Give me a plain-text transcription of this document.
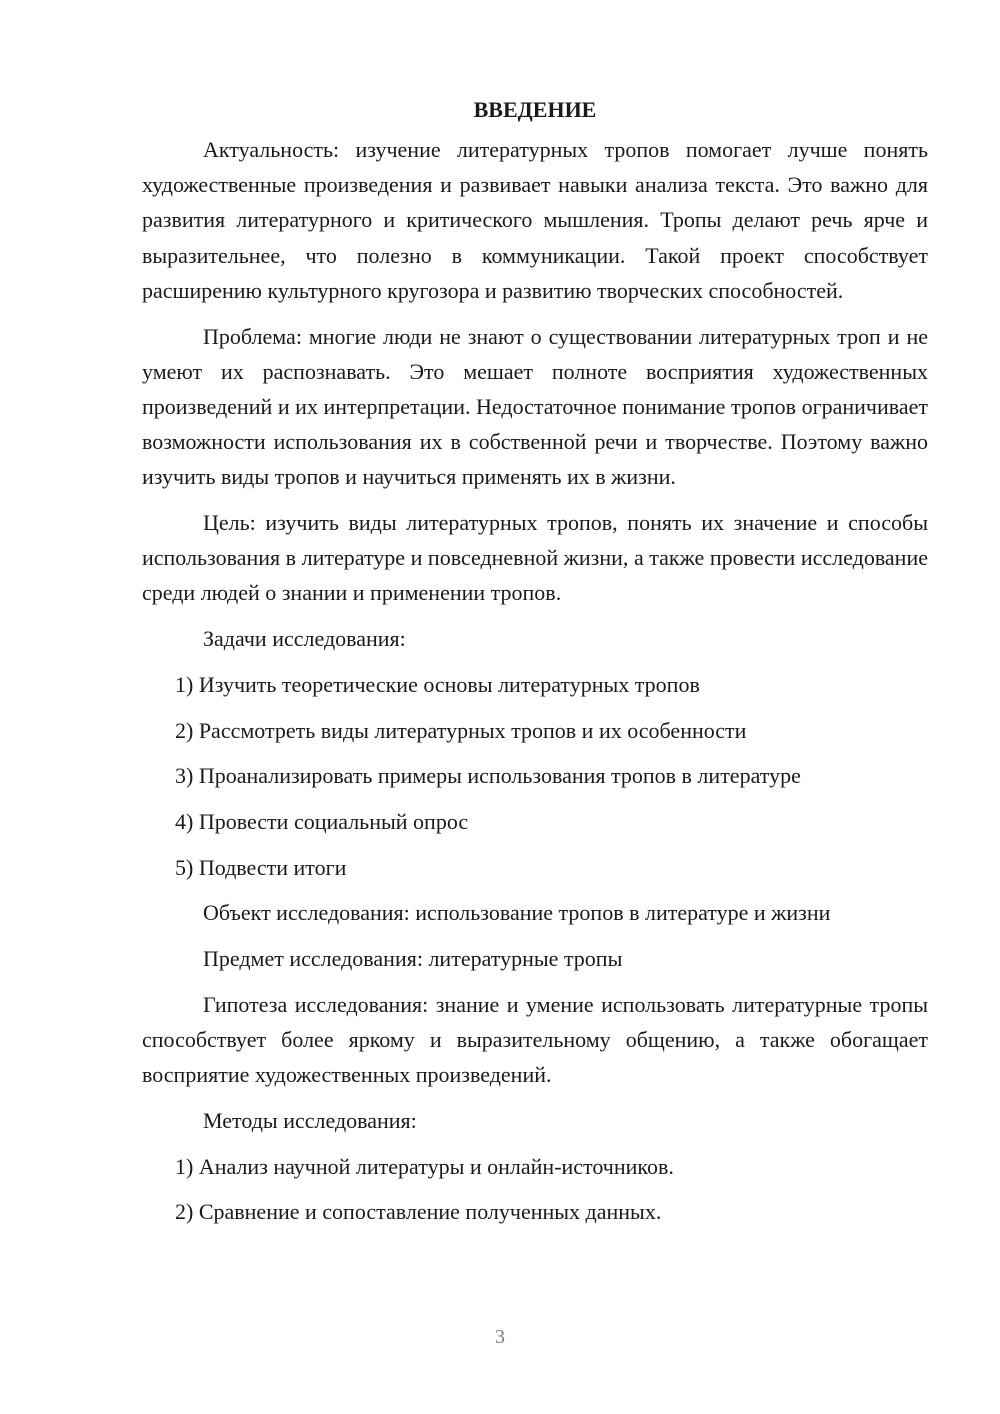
ВВЕДЕНИЕ

Актуальность: изучение литературных тропов помогает лучше понять художественные произведения и развивает навыки анализа текста. Это важно для развития литературного и критического мышления. Тропы делают речь ярче и выразительнее, что полезно в коммуникации. Такой проект способствует расширению культурного кругозора и развитию творческих способностей.

Проблема: многие люди не знают о существовании литературных троп и не умеют их распознавать. Это мешает полноте восприятия художественных произведений и их интерпретации. Недостаточное понимание тропов ограничивает возможности использования их в собственной речи и творчестве. Поэтому важно изучить виды тропов и научиться применять их в жизни.

Цель: изучить виды литературных тропов, понять их значение и способы использования в литературе и повседневной жизни, а также провести исследование среди людей о знании и применении тропов.

Задачи исследования:
1) Изучить теоретические основы литературных тропов
2) Рассмотреть виды литературных тропов и их особенности
3) Проанализировать примеры использования тропов в литературе
4) Провести социальный опрос
5) Подвести итоги
Объект исследования: использование тропов в литературе и жизни
Предмет исследования: литературные тропы

Гипотеза исследования: знание и умение использовать литературные тропы способствует более яркому и выразительному общению, а также обогащает восприятие художественных произведений.

Методы исследования:
1) Анализ научной литературы и онлайн-источников.
2) Сравнение и сопоставление полученных данных.
3
